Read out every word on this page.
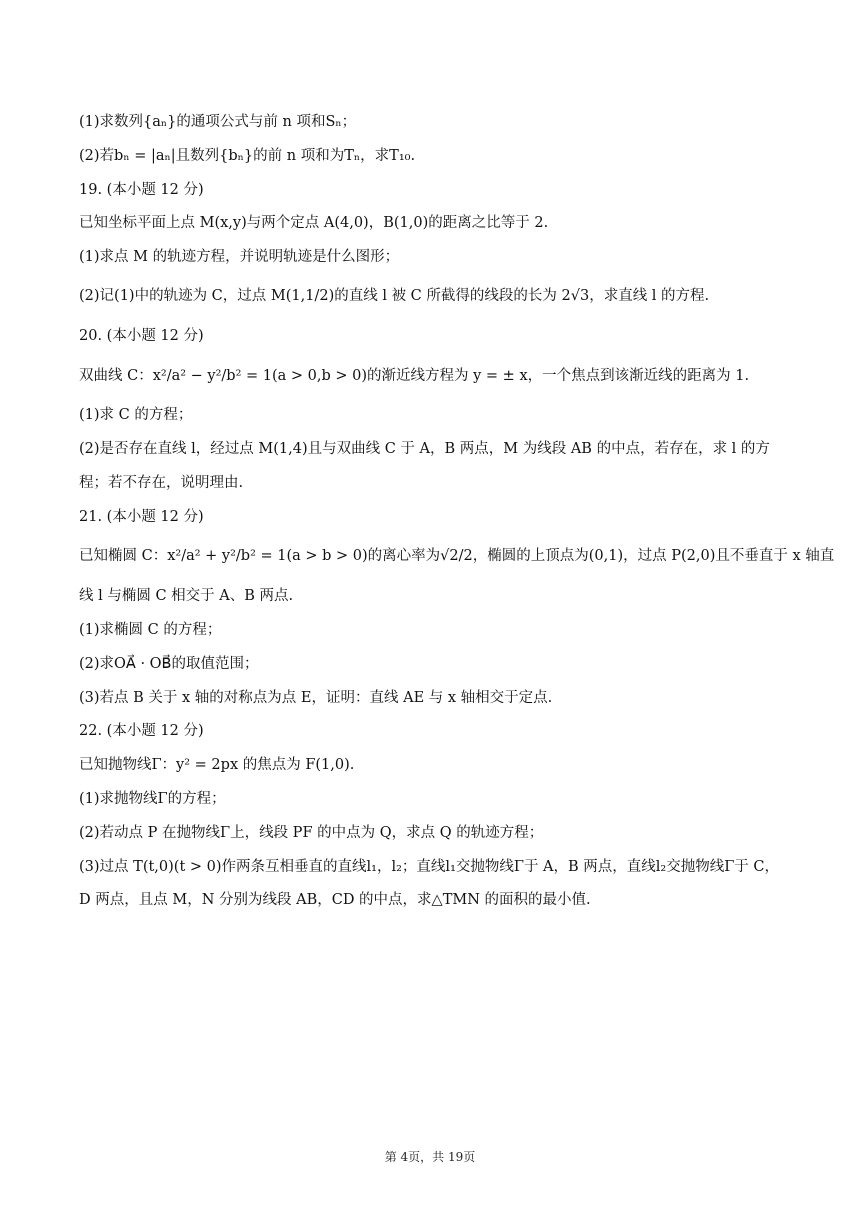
(1)求数列{aₙ}的通项公式与前 n 项和Sₙ；
(2)若bₙ = |aₙ|且数列{bₙ}的前 n 项和为Tₙ，求T₁₀.
19. (本小题 12 分)
已知坐标平面上点 M(x,y)与两个定点 A(4,0)，B(1,0)的距离之比等于 2.
(1)求点 M 的轨迹方程，并说明轨迹是什么图形；
(2)记(1)中的轨迹为 C，过点 M(1,1/2)的直线 l 被 C 所截得的线段的长为 2√3，求直线 l 的方程.
20. (本小题 12 分)
双曲线 C：x²/a² − y²/b² = 1(a > 0,b > 0)的渐近线方程为 y = ± x，一个焦点到该渐近线的距离为 1.
(1)求 C 的方程；
(2)是否存在直线 l，经过点 M(1,4)且与双曲线 C 于 A，B 两点，M 为线段 AB 的中点，若存在，求 l 的方
程；若不存在，说明理由.
21. (本小题 12 分)
已知椭圆 C：x²/a² + y²/b² = 1(a > b > 0)的离心率为√2/2，椭圆的上顶点为(0,1)，过点 P(2,0)且不垂直于 x 轴直
线 l 与椭圆 C 相交于 A、B 两点.
(1)求椭圆 C 的方程；
(2)求OA⃗ · OB⃗的取值范围；
(3)若点 B 关于 x 轴的对称点为点 E，证明：直线 AE 与 x 轴相交于定点.
22. (本小题 12 分)
已知抛物线Γ：y² = 2px 的焦点为 F(1,0).
(1)求抛物线Γ的方程；
(2)若动点 P 在抛物线Γ上，线段 PF 的中点为 Q，求点 Q 的轨迹方程；
(3)过点 T(t,0)(t > 0)作两条互相垂直的直线l₁，l₂；直线l₁交抛物线Γ于 A，B 两点，直线l₂交抛物线Γ于 C，
D 两点，且点 M，N 分别为线段 AB，CD 的中点，求△TMN 的面积的最小值.
第 4页，共 19页
